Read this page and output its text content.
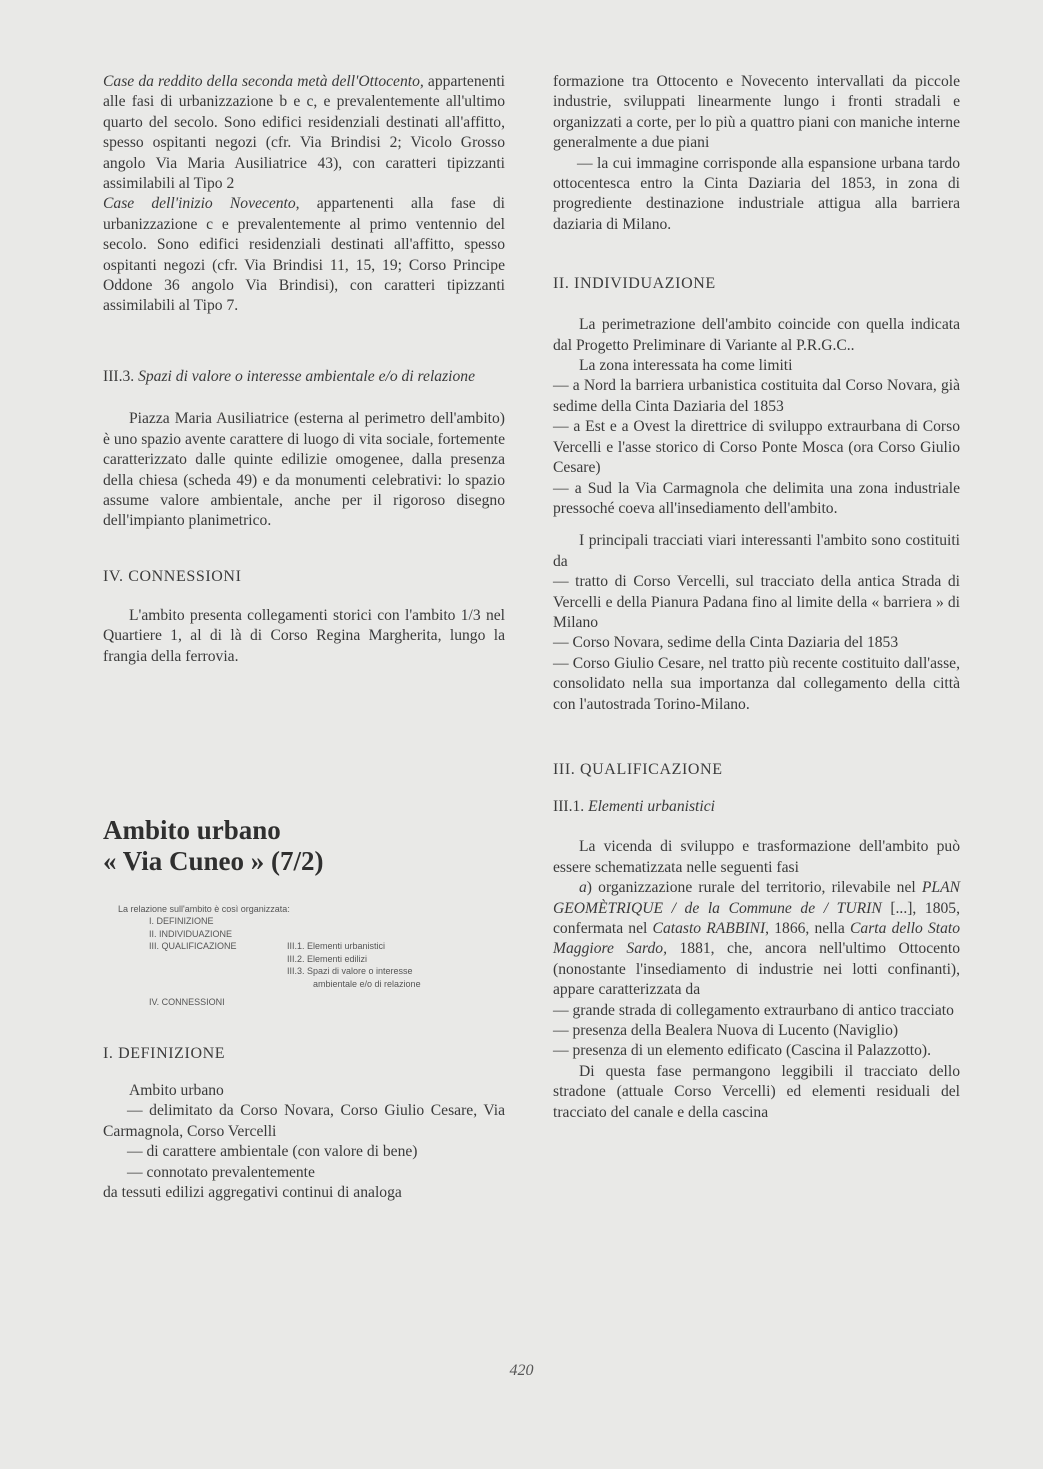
Case da reddito della seconda metà dell'Ottocento, appartenenti alle fasi di urbanizzazione b e c, e prevalentemente all'ultimo quarto del secolo. Sono edifici residenziali destinati all'affitto, spesso ospitanti negozi (cfr. Via Brindisi 2; Vicolo Grosso angolo Via Maria Ausiliatrice 43), con caratteri tipizzanti assimilabili al Tipo 2

Case dell'inizio Novecento, appartenenti alla fase di urbanizzazione c e prevalentemente al primo ventennio del secolo. Sono edifici residenziali destinati all'affitto, spesso ospitanti negozi (cfr. Via Brindisi 11, 15, 19; Corso Principe Oddone 36 angolo Via Brindisi), con caratteri tipizzanti assimilabili al Tipo 7.

III.3. Spazi di valore o interesse ambientale e/o di relazione

Piazza Maria Ausiliatrice (esterna al perimetro dell'ambito) è uno spazio avente carattere di luogo di vita sociale, fortemente caratterizzato dalle quinte edilizie omogenee, dalla presenza della chiesa (scheda 49) e da monumenti celebrativi: lo spazio assume valore ambientale, anche per il rigoroso disegno dell'impianto planimetrico.

IV. CONNESSIONI

L'ambito presenta collegamenti storici con l'ambito 1/3 nel Quartiere 1, al di là di Corso Regina Margherita, lungo la frangia della ferrovia.

Ambito urbano
« Via Cuneo » (7/2)
La relazione sull'ambito è così organizzata:
I. DEFINIZIONE
II. INDIVIDUAZIONE
III. QUALIFICAZIONE	III.1. Elementi urbanistici
III.2. Elementi edilizi
III.3. Spazi di valore o interesse
ambientale e/o di relazione
IV. CONNESSIONI
I. DEFINIZIONE

Ambito urbano

— delimitato da Corso Novara, Corso Giulio Cesare, Via Carmagnola, Corso Vercelli

— di carattere ambientale (con valore di bene)

— connotato prevalentemente

da tessuti edilizi aggregativi continui di analoga

formazione tra Ottocento e Novecento intervallati da piccole industrie, sviluppati linearmente lungo i fronti stradali e organizzati a corte, per lo più a quattro piani con maniche interne generalmente a due piani

— la cui immagine corrisponde alla espansione urbana tardo ottocentesca entro la Cinta Daziaria del 1853, in zona di progrediente destinazione industriale attigua alla barriera daziaria di Milano.

II. INDIVIDUAZIONE

La perimetrazione dell'ambito coincide con quella indicata dal Progetto Preliminare di Variante al P.R.G.C..

La zona interessata ha come limiti

— a Nord la barriera urbanistica costituita dal Corso Novara, già sedime della Cinta Daziaria del 1853

— a Est e a Ovest la direttrice di sviluppo extraurbana di Corso Vercelli e l'asse storico di Corso Ponte Mosca (ora Corso Giulio Cesare)

— a Sud la Via Carmagnola che delimita una zona industriale pressoché coeva all'insediamento dell'ambito.

I principali tracciati viari interessanti l'ambito sono costituiti da

— tratto di Corso Vercelli, sul tracciato della antica Strada di Vercelli e della Pianura Padana fino al limite della « barriera » di Milano

— Corso Novara, sedime della Cinta Daziaria del 1853

— Corso Giulio Cesare, nel tratto più recente costituito dall'asse, consolidato nella sua importanza dal collegamento della città con l'autostrada Torino-Milano.

III. QUALIFICAZIONE

III.1. Elementi urbanistici

La vicenda di sviluppo e trasformazione dell'ambito può essere schematizzata nelle seguenti fasi

a) organizzazione rurale del territorio, rilevabile nel PLAN GEOMÈTRIQUE / de la Commune de / TURIN [...], 1805, confermata nel Catasto RABBINI, 1866, nella Carta dello Stato Maggiore Sardo, 1881, che, ancora nell'ultimo Ottocento (nonostante l'insediamento di industrie nei lotti confinanti), appare caratterizzata da

— grande strada di collegamento extraurbano di antico tracciato

— presenza della Bealera Nuova di Lucento (Naviglio)

— presenza di un elemento edificato (Cascina il Palazzotto).

Di questa fase permangono leggibili il tracciato dello stradone (attuale Corso Vercelli) ed elementi residuali del tracciato del canale e della cascina

420
